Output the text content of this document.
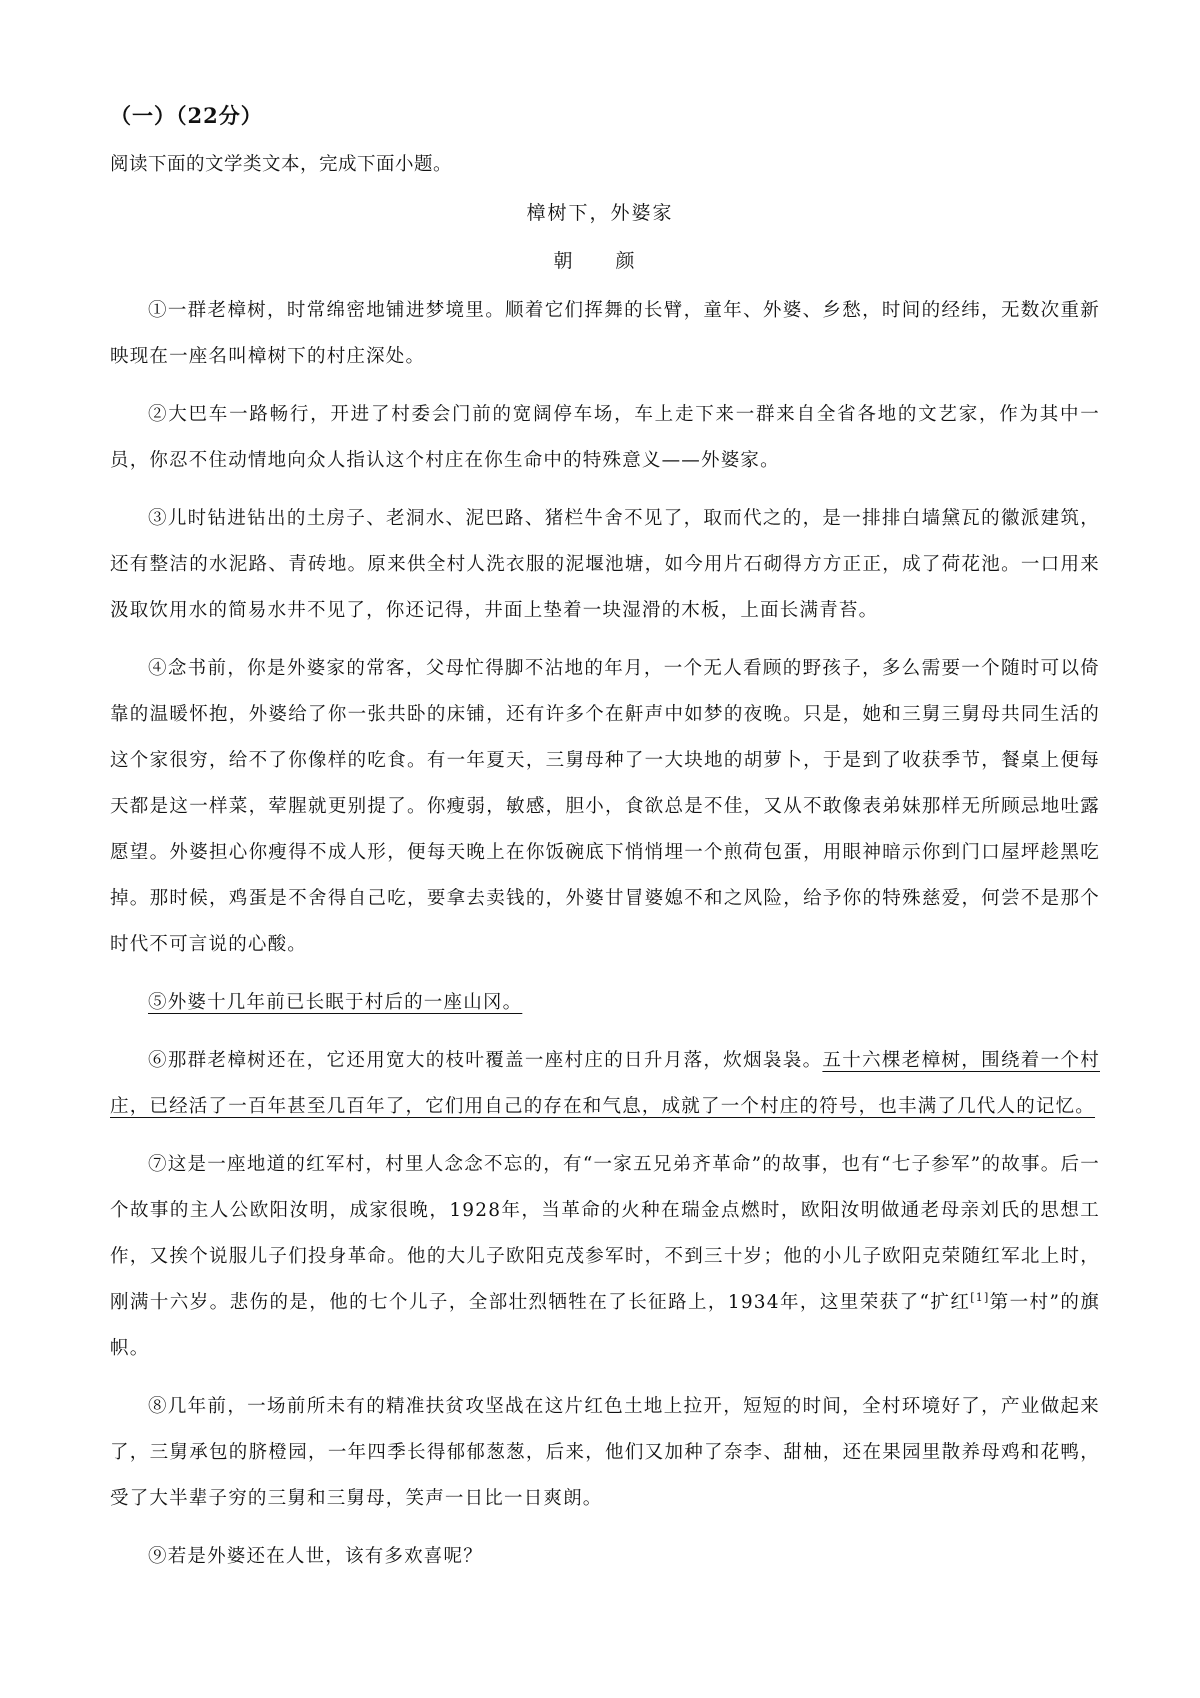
（一）（22分）
阅读下面的文学类文本，完成下面小题。
樟树下，外婆家
朝　颜

①一群老樟树，时常绵密地铺进梦境里。顺着它们挥舞的长臂，童年、外婆、乡愁，时间的经纬，无数次重新映现在一座名叫樟树下的村庄深处。

②大巴车一路畅行，开进了村委会门前的宽阔停车场，车上走下来一群来自全省各地的文艺家，作为其中一员，你忍不住动情地向众人指认这个村庄在你生命中的特殊意义——外婆家。

③儿时钻进钻出的土房子、老洞水、泥巴路、猪栏牛舍不见了，取而代之的，是一排排白墙黛瓦的徽派建筑，还有整洁的水泥路、青砖地。原来供全村人洗衣服的泥堰池塘，如今用片石砌得方方正正，成了荷花池。一口用来汲取饮用水的简易水井不见了，你还记得，井面上垫着一块湿滑的木板，上面长满青苔。

④念书前，你是外婆家的常客，父母忙得脚不沾地的年月，一个无人看顾的野孩子，多么需要一个随时可以倚靠的温暖怀抱，外婆给了你一张共卧的床铺，还有许多个在鼾声中如梦的夜晚。只是，她和三舅三舅母共同生活的这个家很穷，给不了你像样的吃食。有一年夏天，三舅母种了一大块地的胡萝卜，于是到了收获季节，餐桌上便每天都是这一样菜，荤腥就更别提了。你瘦弱，敏感，胆小，食欲总是不佳，又从不敢像表弟妹那样无所顾忌地吐露愿望。外婆担心你瘦得不成人形，便每天晚上在你饭碗底下悄悄埋一个煎荷包蛋，用眼神暗示你到门口屋坪趁黑吃掉。那时候，鸡蛋是不舍得自己吃，要拿去卖钱的，外婆甘冒婆媳不和之风险，给予你的特殊慈爱，何尝不是那个时代不可言说的心酸。

⑤外婆十几年前已长眠于村后的一座山冈。

⑥那群老樟树还在，它还用宽大的枝叶覆盖一座村庄的日升月落，炊烟袅袅。五十六棵老樟树，围绕着一个村庄，已经活了一百年甚至几百年了，它们用自己的存在和气息，成就了一个村庄的符号，也丰满了几代人的记忆。

⑦这是一座地道的红军村，村里人念念不忘的，有“一家五兄弟齐革命”的故事，也有“七子参军”的故事。后一个故事的主人公欧阳汝明，成家很晚，1928年，当革命的火种在瑞金点燃时，欧阳汝明做通老母亲刘氏的思想工作，又挨个说服儿子们投身革命。他的大儿子欧阳克茂参军时，不到三十岁；他的小儿子欧阳克荣随红军北上时，刚满十六岁。悲伤的是，他的七个儿子，全部壮烈牺牲在了长征路上，1934年，这里荣获了“扩红[1]第一村”的旗帜。

⑧几年前，一场前所未有的精准扶贫攻坚战在这片红色土地上拉开，短短的时间，全村环境好了，产业做起来了，三舅承包的脐橙园，一年四季长得郁郁葱葱，后来，他们又加种了奈李、甜柚，还在果园里散养母鸡和花鸭，受了大半辈子穷的三舅和三舅母，笑声一日比一日爽朗。

⑨若是外婆还在人世，该有多欢喜呢？
